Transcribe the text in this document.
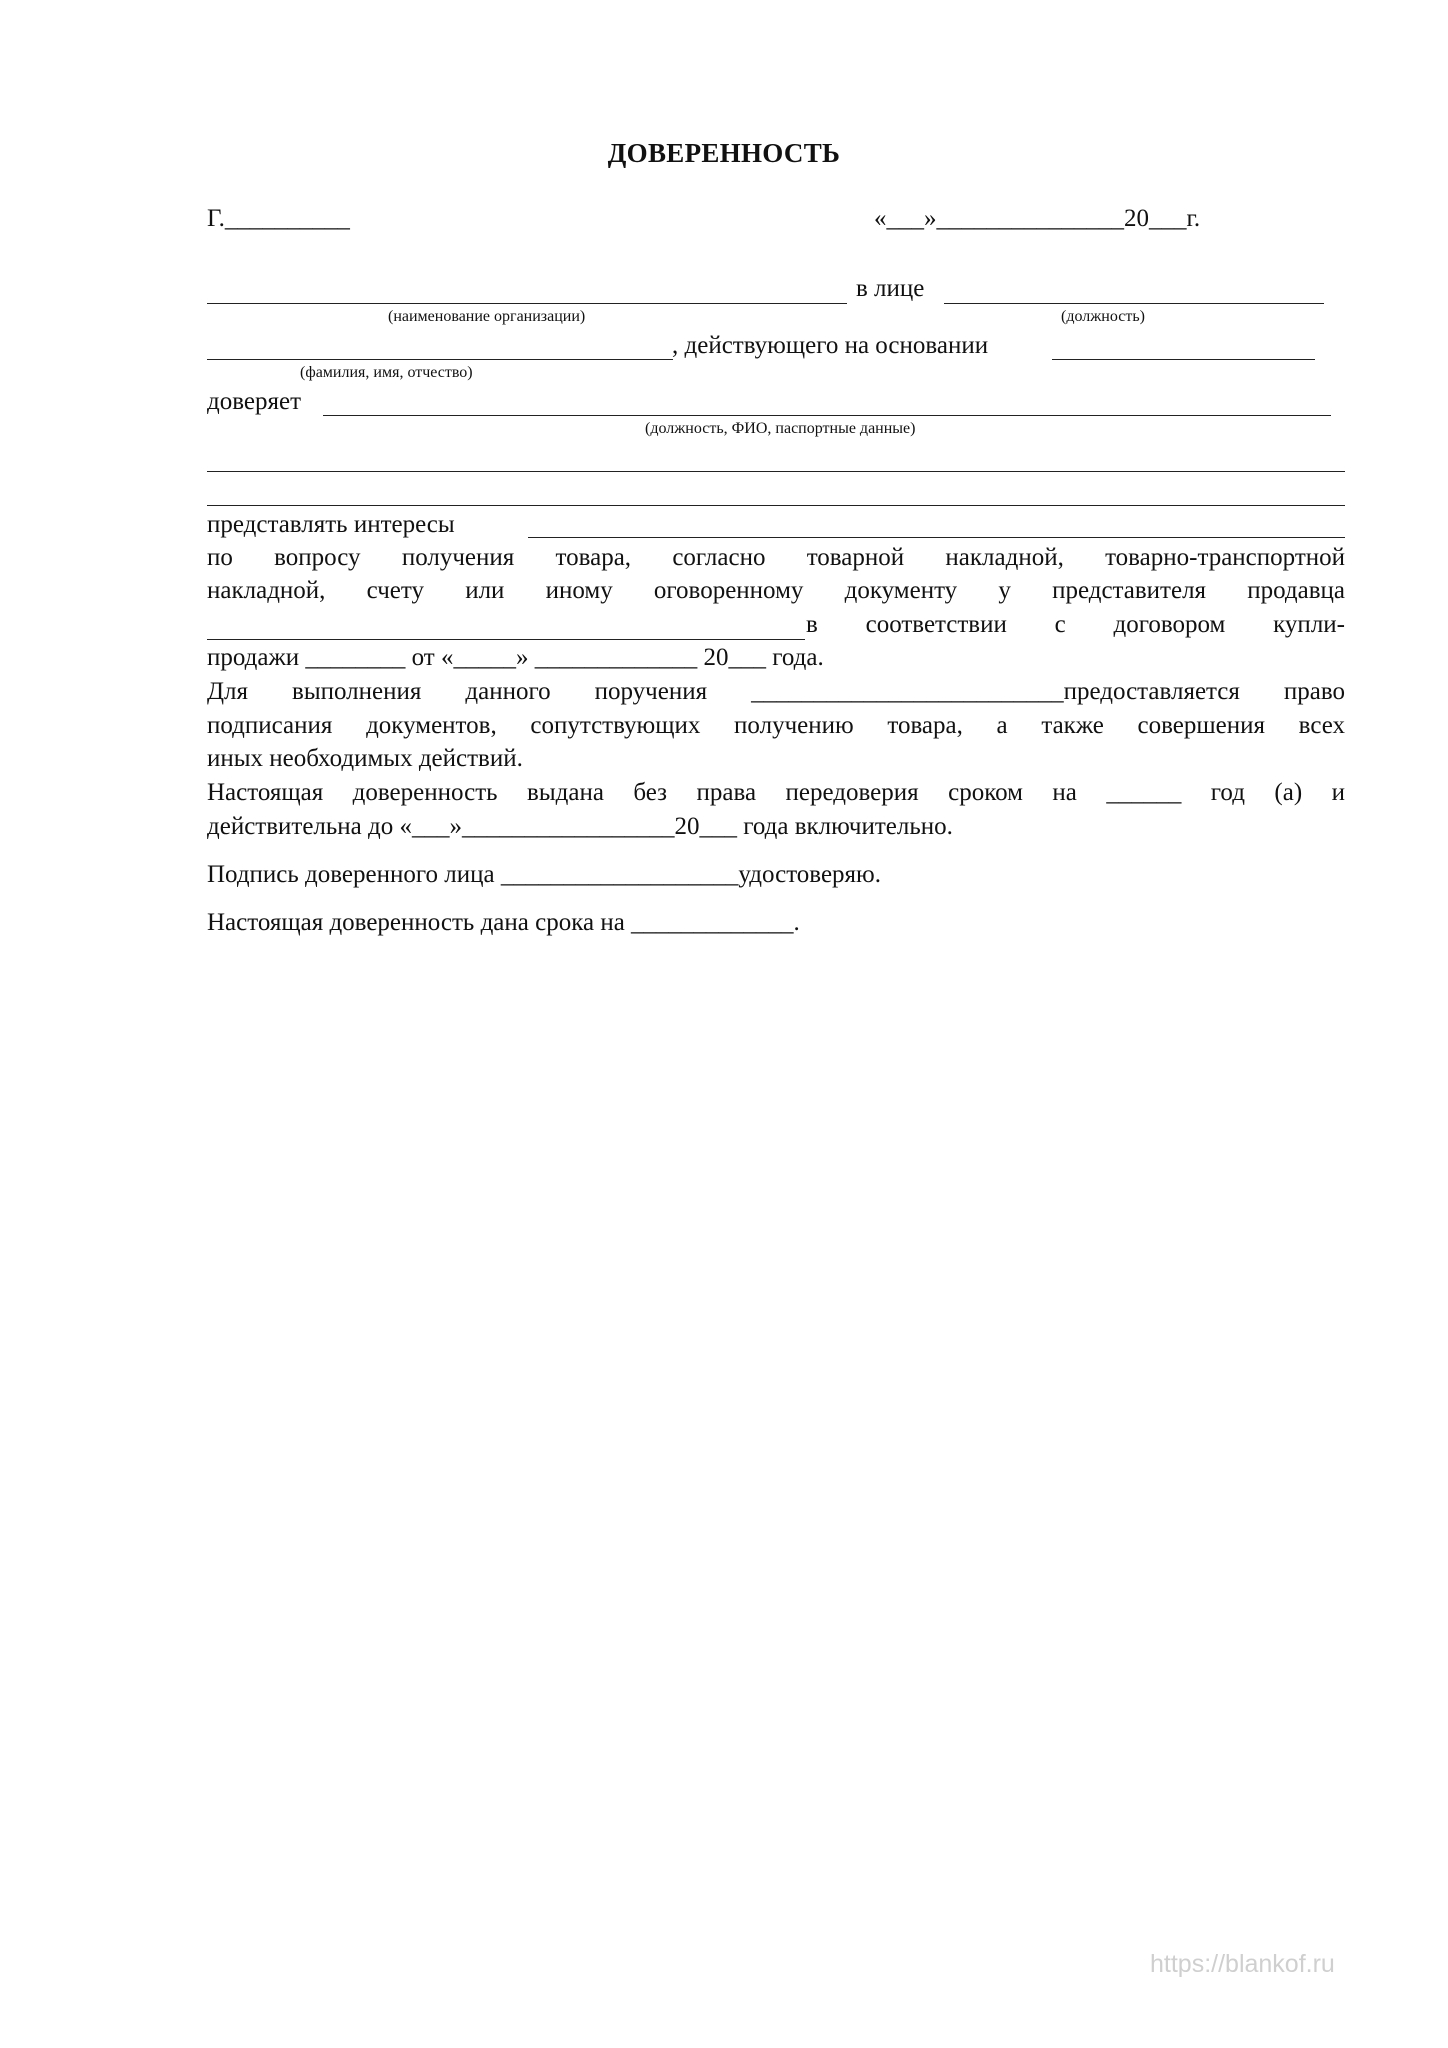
ДОВЕРЕННОСТЬ
Г.__________	«___»_______________20___г.
в лице
(наименование организации)	(должность)
, действующего на основании
(фамилия, имя, отчество)
доверяет
(должность, ФИО, паспортные данные)
представлять интересы
по вопросу получения товара, согласно товарной накладной, товарно-транспортной
накладной, счету или иному оговоренному документу у представителя продавца
в соответствии с договором купли-
продажи ________ от «_____» _____________ 20___ года.
Для выполнения данного поручения _________________________предоставляется право
подписания документов, сопутствующих получению товара, а также совершения всех
иных необходимых действий.
Настоящая доверенность выдана без права передоверия сроком на ______ год (а) и
действительна до «___»_________________20___ года включительно.
Подпись доверенного лица ___________________удостоверяю.
Настоящая доверенность дана срока на _____________.
https://blankof.ru
